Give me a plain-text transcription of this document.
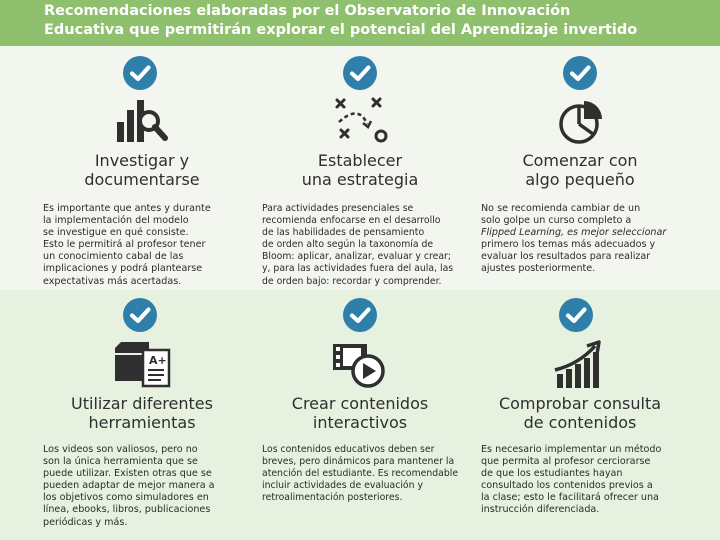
Recomendaciones elaboradas por el Observatorio de Innovación
Educativa que permitirán explorar el potencial del Aprendizaje invertido
Investigar y
documentarse

Es importante que antes y durante
la implementación del modelo
se investigue en qué consiste.
Esto le permitirá al profesor tener
un conocimiento cabal de las
implicaciones y podrá plantearse
expectativas más acertadas.

Establecer
una estrategia

Para actividades presenciales se
recomienda enfocarse en el desarrollo
de las habilidades de pensamiento
de orden alto según la taxonomía de
Bloom: aplicar, analizar, evaluar y crear;
y, para las actividades fuera del aula, las
de orden bajo: recordar y comprender.

Comenzar con
algo pequeño

No se recomienda cambiar de un
solo golpe un curso completo a
Flipped Learning, es mejor seleccionar
primero los temas más adecuados y
evaluar los resultados para realizar
ajustes posteriormente.

A+
Utilizar diferentes
herramientas

Los videos son valiosos, pero no
son la única herramienta que se
puede utilizar. Existen otras que se
pueden adaptar de mejor manera a
los objetivos como simuladores en
línea, ebooks, libros, publicaciones
periódicas y más.

Crear contenidos
interactivos

Los contenidos educativos deben ser
breves, pero dinámicos para mantener la
atención del estudiante. Es recomendable
incluir actividades de evaluación y
retroalimentación posteriores.

Comprobar consulta
de contenidos

Es necesario implementar un método
que permita al profesor cerciorarse
de que los estudiantes hayan
consultado los contenidos previos a
la clase; esto le facilitará ofrecer una
instrucción diferenciada.
